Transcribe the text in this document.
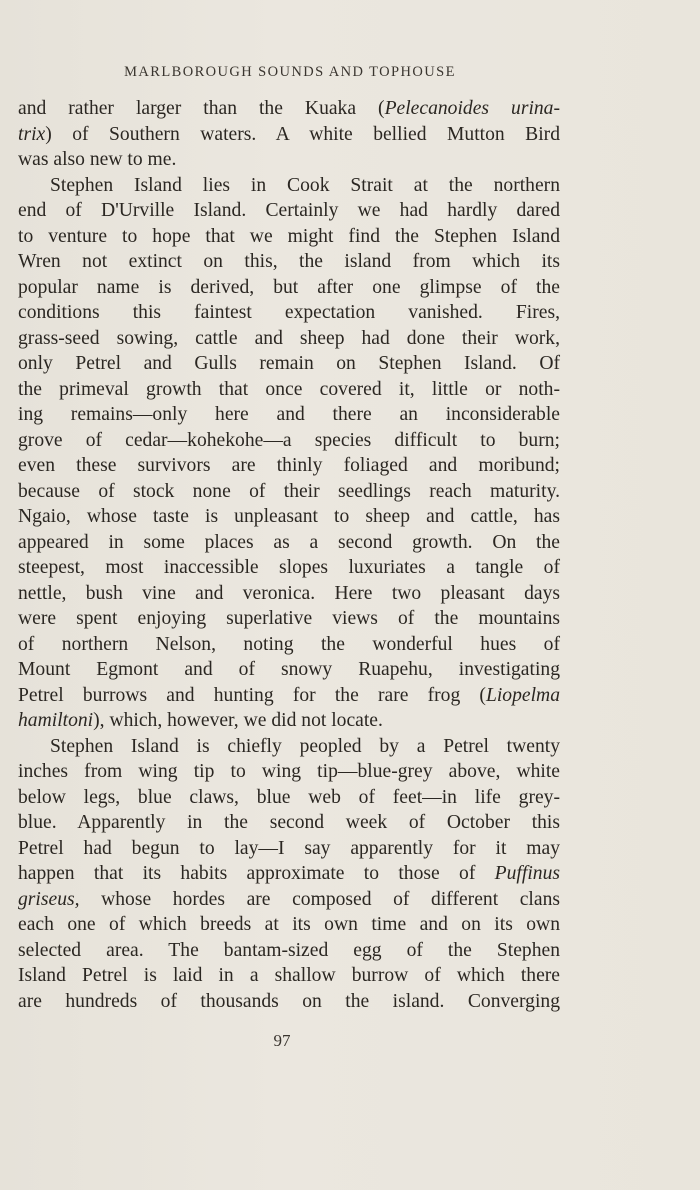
MARLBOROUGH SOUNDS AND TOPHOUSE
and rather larger than the Kuaka (Pelecanoides urina-
trix) of Southern waters. A white bellied Mutton Bird
was also new to me.
Stephen Island lies in Cook Strait at the northern
end of D'Urville Island. Certainly we had hardly dared
to venture to hope that we might find the Stephen Island
Wren not extinct on this, the island from which its
popular name is derived, but after one glimpse of the
conditions this faintest expectation vanished. Fires,
grass-seed sowing, cattle and sheep had done their work,
only Petrel and Gulls remain on Stephen Island. Of
the primeval growth that once covered it, little or noth-
ing remains—only here and there an inconsiderable
grove of cedar—kohekohe—a species difficult to burn;
even these survivors are thinly foliaged and moribund;
because of stock none of their seedlings reach maturity.
Ngaio, whose taste is unpleasant to sheep and cattle, has
appeared in some places as a second growth. On the
steepest, most inaccessible slopes luxuriates a tangle of
nettle, bush vine and veronica. Here two pleasant days
were spent enjoying superlative views of the mountains
of northern Nelson, noting the wonderful hues of
Mount Egmont and of snowy Ruapehu, investigating
Petrel burrows and hunting for the rare frog (Liopelma
hamiltoni), which, however, we did not locate.
Stephen Island is chiefly peopled by a Petrel twenty
inches from wing tip to wing tip—blue-grey above, white
below legs, blue claws, blue web of feet—in life grey-
blue. Apparently in the second week of October this
Petrel had begun to lay—I say apparently for it may
happen that its habits approximate to those of Puffinus
griseus, whose hordes are composed of different clans
each one of which breeds at its own time and on its own
selected area. The bantam-sized egg of the Stephen
Island Petrel is laid in a shallow burrow of which there
are hundreds of thousands on the island. Converging
97
